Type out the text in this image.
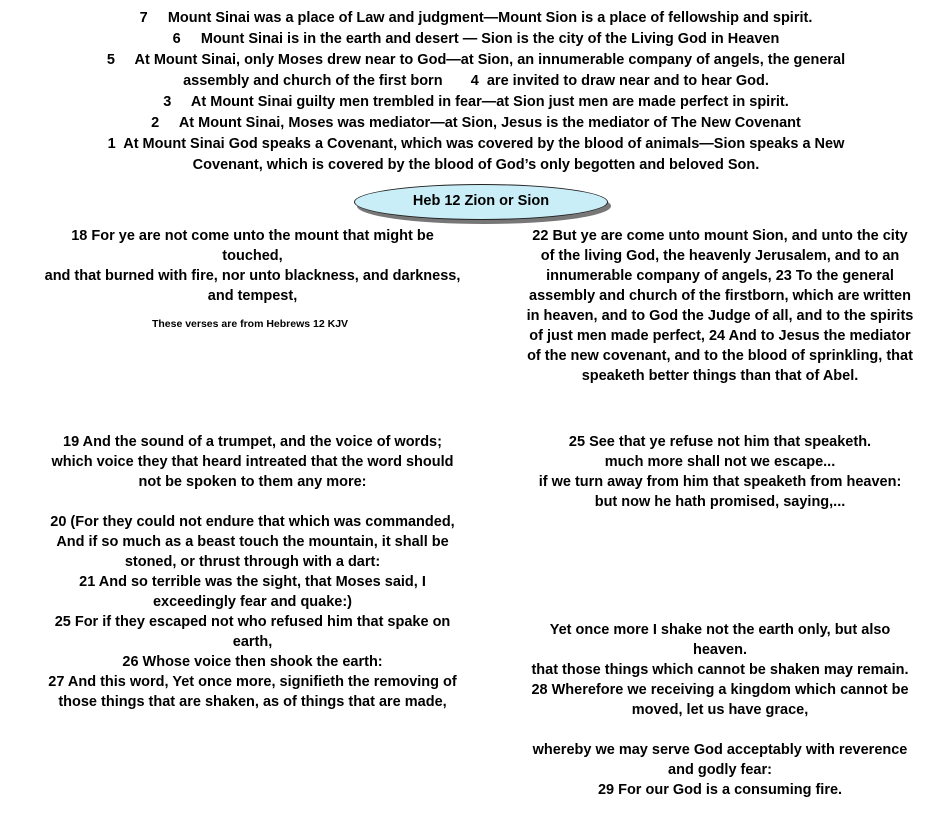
7     Mount Sinai was a place of Law and judgment—Mount Sion is a place of fellowship and spirit.
6     Mount Sinai is in the earth and desert — Sion is the city of the Living God in Heaven
5     At Mount Sinai, only Moses drew near to God—at Sion, an innumerable company of angels, the general
assembly and church of the first born       4  are invited to draw near and to hear God.
3     At Mount Sinai guilty men trembled in fear—at Sion just men are made perfect in spirit.
2     At Mount Sinai, Moses was mediator—at Sion, Jesus is the mediator of The New Covenant
1  At Mount Sinai God speaks a Covenant, which was covered by the blood of animals—Sion speaks a New
Covenant, which is covered by the blood of God’s only begotten and beloved Son.
Heb 12 Zion or Sion
18 For ye are not come unto the mount that might be
touched,
and that burned with fire, nor unto blackness, and darkness,
and tempest,
These verses are from Hebrews 12 KJV
19 And the sound of a trumpet, and the voice of words;
which voice they that heard intreated that the word should
not be spoken to them any more:

20 (For they could not endure that which was commanded,
And if so much as a beast touch the mountain, it shall be
stoned, or thrust through with a dart:
21 And so terrible was the sight, that Moses said, I
exceedingly fear and quake:)
25 For if they escaped not who refused him that spake on
earth,
26 Whose voice then shook the earth:
27 And this word, Yet once more, signifieth the removing of
those things that are shaken, as of things that are made,
22 But ye are come unto mount Sion, and unto the city
of the living God, the heavenly Jerusalem, and to an
innumerable company of angels, 23 To the general
assembly and church of the firstborn, which are written
in heaven, and to God the Judge of all, and to the spirits
of just men made perfect, 24 And to Jesus the mediator
of the new covenant, and to the blood of sprinkling, that
speaketh better things than that of Abel.
25 See that ye refuse not him that speaketh.
much more shall not we escape...
if we turn away from him that speaketh from heaven:
but now he hath promised, saying,...
Yet once more I shake not the earth only, but also
heaven.
that those things which cannot be shaken may remain.
28 Wherefore we receiving a kingdom which cannot be
moved, let us have grace,

whereby we may serve God acceptably with reverence
and godly fear:
29 For our God is a consuming fire.
